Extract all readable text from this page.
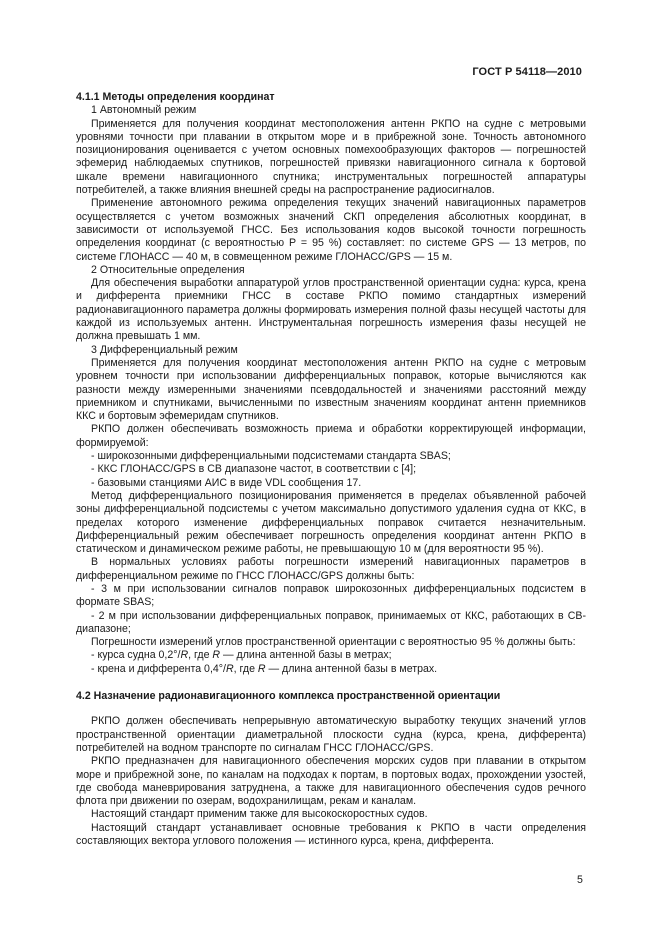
ГОСТ Р 54118—2010

4.1.1 Методы определения координат

1 Автономный режим

Применяется для получения координат местоположения антенн РКПО на судне с метровыми уровнями точности при плавании в открытом море и в прибрежной зоне. Точность автономного позиционирования оценивается с учетом основных помехообразующих факторов — погрешностей эфемерид наблюдаемых спутников, погрешностей привязки навигационного сигнала к бортовой шкале времени навигационного спутника; инструментальных погрешностей аппаратуры потребителей, а также влияния внешней среды на распространение радиосигналов.

Применение автономного режима определения текущих значений навигационных параметров осуществляется с учетом возможных значений СКП определения абсолютных координат, в зависимости от используемой ГНСС. Без использования кодов высокой точности погрешность определения координат (с вероятностью P = 95 %) составляет: по системе GPS — 13 метров, по системе ГЛОНАСС — 40 м, в совмещенном режиме ГЛОНАСС/GPS — 15 м.

2 Относительные определения

Для обеспечения выработки аппаратурой углов пространственной ориентации судна: курса, крена и дифферента приемники ГНСС в составе РКПО помимо стандартных измерений радионавигационного параметра должны формировать измерения полной фазы несущей частоты для каждой из используемых антенн. Инструментальная погрешность измерения фазы несущей не должна превышать 1 мм.

3 Дифференциальный режим

Применяется для получения координат местоположения антенн РКПО на судне с метровым уровнем точности при использовании дифференциальных поправок, которые вычисляются как разности между измеренными значениями псевдодальностей и значениями расстояний между приемником и спутниками, вычисленными по известным значениям координат антенн приемников ККС и бортовым эфемеридам спутников.

РКПО должен обеспечивать возможность приема и обработки корректирующей информации, формируемой:

- широкозонными дифференциальными подсистемами стандарта SBAS;

- ККС ГЛОНАСС/GPS в СВ диапазоне частот, в соответствии с [4];

- базовыми станциями АИС в виде VDL сообщения 17.

Метод дифференциального позиционирования применяется в пределах объявленной рабочей зоны дифференциальной подсистемы с учетом максимально допустимого удаления судна от ККС, в пределах которого изменение дифференциальных поправок считается незначительным. Дифференциальный режим обеспечивает погрешность определения координат антенн РКПО в статическом и динамическом режиме работы, не превышающую 10 м (для вероятности 95 %).

В нормальных условиях работы погрешности измерений навигационных параметров в дифференциальном режиме по ГНСС ГЛОНАСС/GPS должны быть:

- 3 м при использовании сигналов поправок широкозонных дифференциальных подсистем в формате SBAS;

- 2 м при использовании дифференциальных поправок, принимаемых от ККС, работающих в СВ-диапазоне;

Погрешности измерений углов пространственной ориентации с вероятностью 95 % должны быть:

- курса судна 0,2°/R, где R — длина антенной базы в метрах;

- крена и дифферента 0,4°/R, где R — длина антенной базы в метрах.

4.2 Назначение радионавигационного комплекса пространственной ориентации

РКПО должен обеспечивать непрерывную автоматическую выработку текущих значений углов пространственной ориентации диаметральной плоскости судна (курса, крена, дифферента) потребителей на водном транспорте по сигналам ГНСС ГЛОНАСС/GPS.

РКПО предназначен для навигационного обеспечения морских судов при плавании в открытом море и прибрежной зоне, по каналам на подходах к портам, в портовых водах, прохождении узостей, где свобода маневрирования затруднена, а также для навигационного обеспечения судов речного флота при движении по озерам, водохранилищам, рекам и каналам.

Настоящий стандарт применим также для высокоскоростных судов.

Настоящий стандарт устанавливает основные требования к РКПО в части определения составляющих вектора углового положения — истинного курса, крена, дифферента.

5
